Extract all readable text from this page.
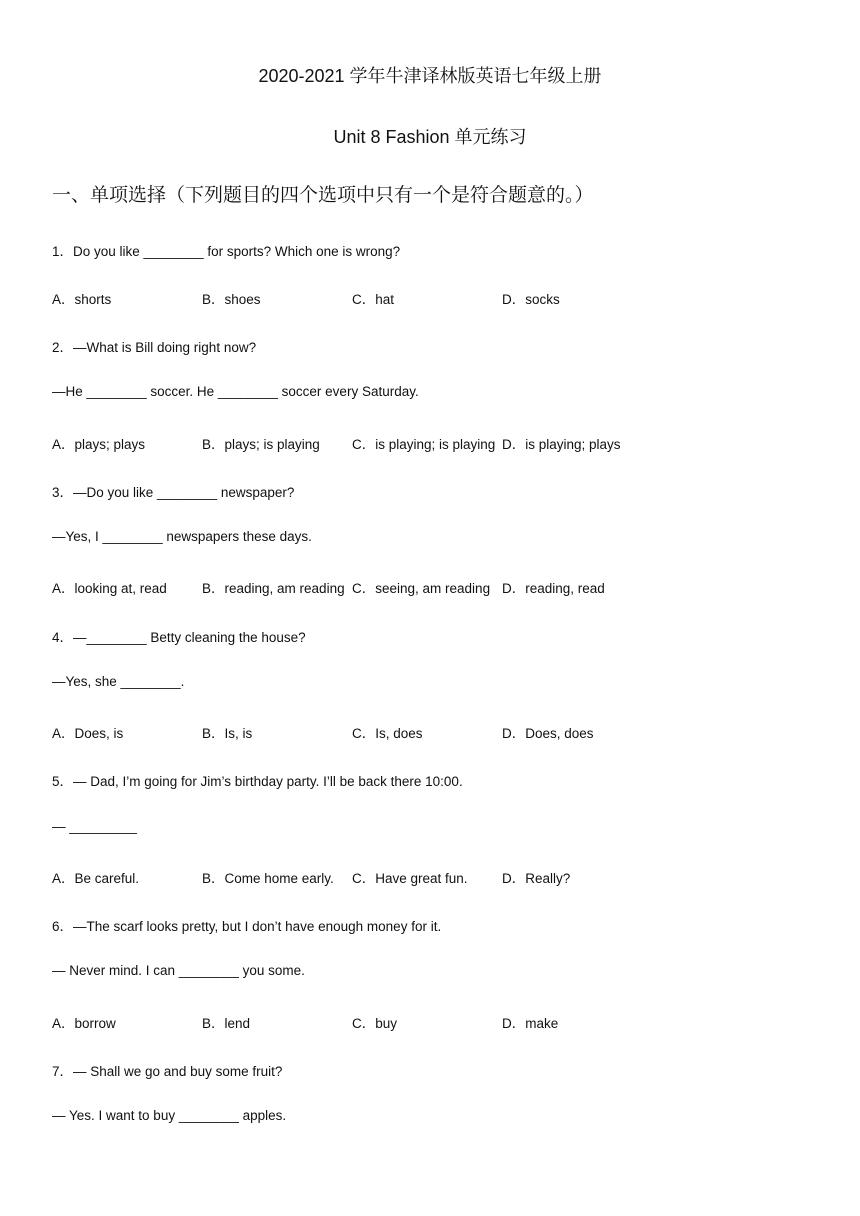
2020-2021 学年牛津译林版英语七年级上册
Unit 8 Fashion 单元练习
一、单项选择（下列题目的四个选项中只有一个是符合题意的。）
1．Do you like ________ for sports? Which one is wrong?
A．shorts	B．shoes	C．hat	D．socks
2．—What is Bill doing right now?
—He ________ soccer. He ________ soccer every Saturday.
A．plays; plays	B．plays; is playing C．is playing; is playing D．is playing; plays
3．—Do you like ________ newspaper?
—Yes, I ________ newspapers these days.
A．looking at, read	B．reading, am reading C．seeing, am reading D．reading, read
4．—________ Betty cleaning the house?
—Yes, she ________.
A．Does, is	B．Is, is	C．Is, does	D．Does, does
5．— Dad, I’m going for Jim’s birthday party. I’ll be back there 10:00.
— _________
A．Be careful.	B．Come home early. C．Have great fun.	D．Really?
6．—The scarf looks pretty, but I don’t have enough money for it.
— Never mind. I can ________ you some.
A．borrow	B．lend	C．buy	D．make
7．— Shall we go and buy some fruit?
— Yes. I want to buy ________ apples.
